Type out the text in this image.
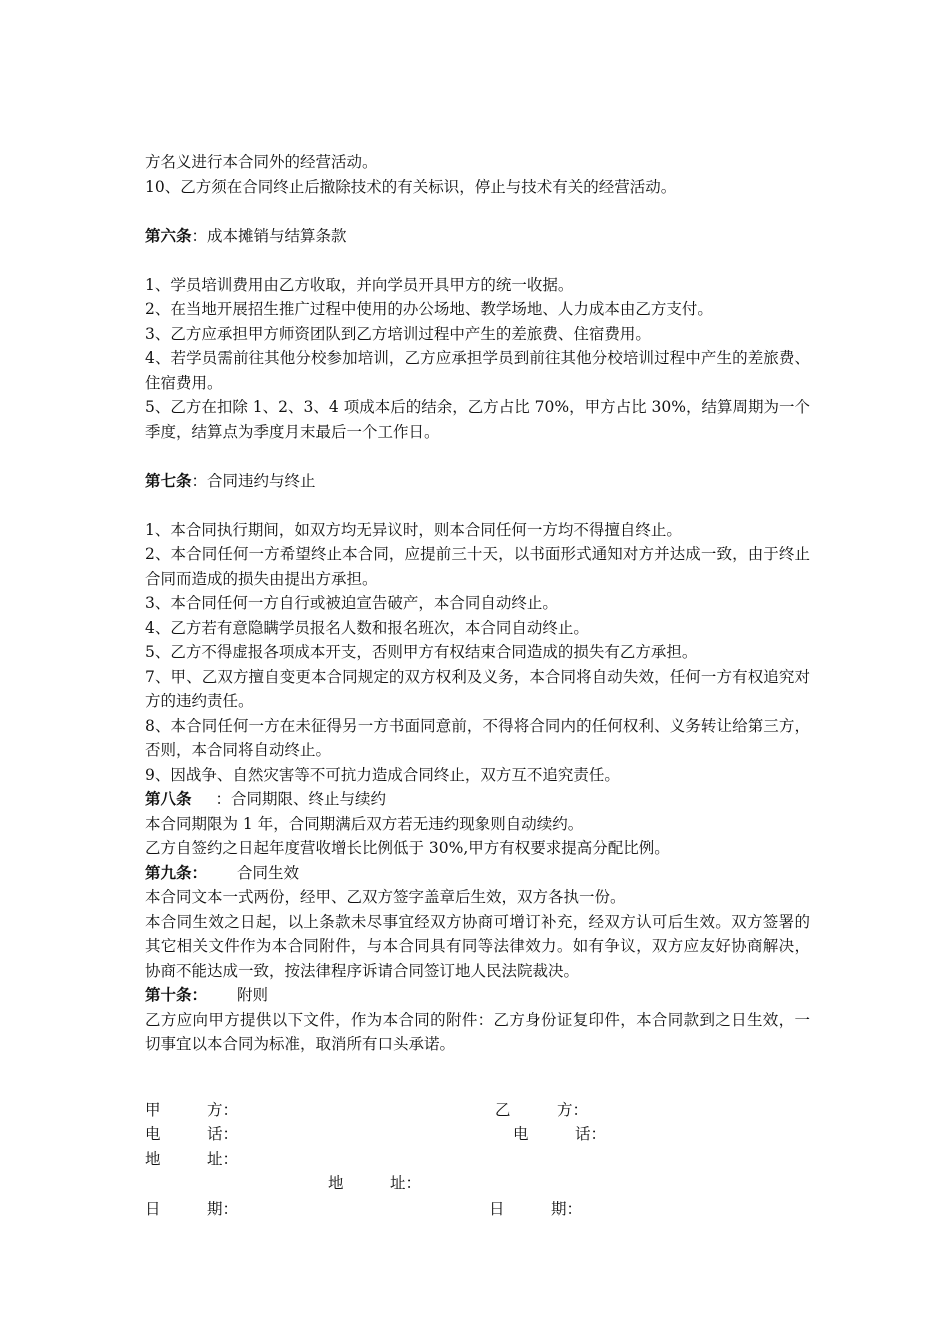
方名义进行本合同外的经营活动。

10、乙方须在合同终止后撤除技术的有关标识，停止与技术有关的经营活动。

第六条：成本摊销与结算条款

1、学员培训费用由乙方收取，并向学员开具甲方的统一收据。

2、在当地开展招生推广过程中使用的办公场地、教学场地、人力成本由乙方支付。

3、乙方应承担甲方师资团队到乙方培训过程中产生的差旅费、住宿费用。

4、若学员需前往其他分校参加培训，乙方应承担学员到前往其他分校培训过程中产生的差旅费、住宿费用。

5、乙方在扣除 1、2、3、4 项成本后的结余，乙方占比 70%，甲方占比 30%，结算周期为一个季度，结算点为季度月末最后一个工作日。

第七条：合同违约与终止

1、本合同执行期间，如双方均无异议时，则本合同任何一方均不得擅自终止。

2、本合同任何一方希望终止本合同，应提前三十天，以书面形式通知对方并达成一致，由于终止合同而造成的损失由提出方承担。

3、本合同任何一方自行或被迫宣告破产，本合同自动终止。

4、乙方若有意隐瞒学员报名人数和报名班次，本合同自动终止。

5、乙方不得虚报各项成本开支，否则甲方有权结束合同造成的损失有乙方承担。

7、甲、乙双方擅自变更本合同规定的双方权利及义务，本合同将自动失效，任何一方有权追究对方的违约责任。

8、本合同任何一方在未征得另一方书面同意前，不得将合同内的任何权利、义务转让给第三方，否则，本合同将自动终止。

9、因战争、自然灾害等不可抗力造成合同终止，双方互不追究责任。

第八条 ：合同期限、终止与续约

本合同期限为 1 年，合同期满后双方若无违约现象则自动续约。

乙方自签约之日起年度营收增长比例低于 30%,甲方有权要求提高分配比例。

第九条： 合同生效

本合同文本一式两份，经甲、乙双方签字盖章后生效，双方各执一份。

本合同生效之日起，以上条款未尽事宜经双方协商可增订补充，经双方认可后生效。双方签署的其它相关文件作为本合同附件，与本合同具有同等法律效力。如有争议，双方应友好协商解决，协商不能达成一致，按法律程序诉请合同签订地人民法院裁决。

第十条： 附则

乙方应向甲方提供以下文件，作为本合同的附件：乙方身份证复印件，本合同款到之日生效，一切事宜以本合同为标准，取消所有口头承诺。

甲　　　方：	乙　　　方：
电　　　话：	电　　　话：
地　　　址：
地　　　址：
日　　　期：	日　　　期：
